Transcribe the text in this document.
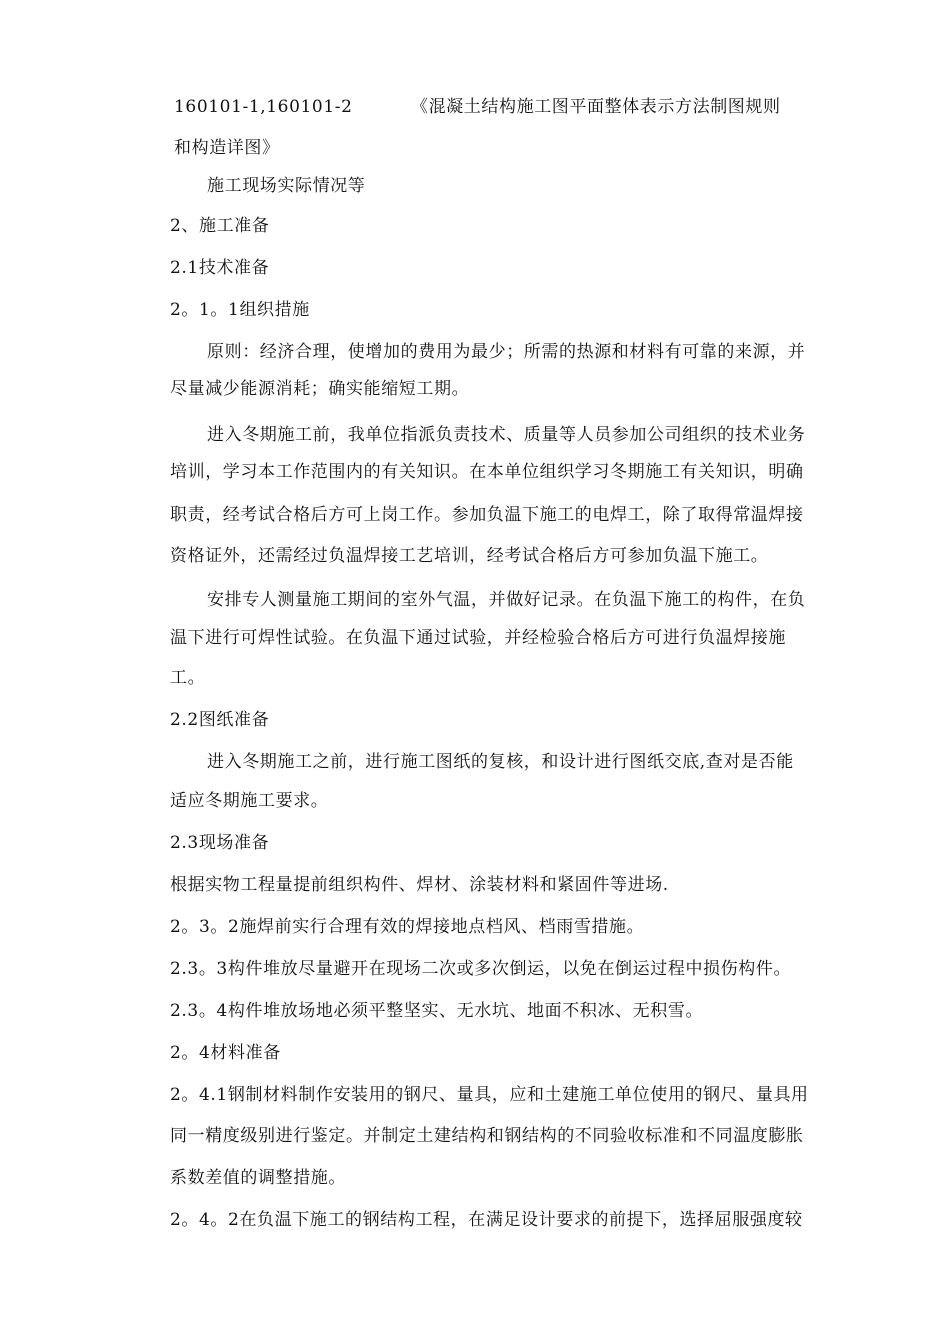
160101-1,160101-2	《混凝土结构施工图平面整体表示方法制图规则
和构造详图》
施工现场实际情况等
2、施工准备
2.1技术准备
2。1。1组织措施
原则：经济合理，使增加的费用为最少；所需的热源和材料有可靠的来源，并
尽量减少能源消耗；确实能缩短工期。
进入冬期施工前，我单位指派负责技术、质量等人员参加公司组织的技术业务
培训，学习本工作范围内的有关知识。在本单位组织学习冬期施工有关知识，明确
职责，经考试合格后方可上岗工作。参加负温下施工的电焊工，除了取得常温焊接
资格证外，还需经过负温焊接工艺培训，经考试合格后方可参加负温下施工。
安排专人测量施工期间的室外气温，并做好记录。在负温下施工的构件，在负
温下进行可焊性试验。在负温下通过试验，并经检验合格后方可进行负温焊接施
工。
2.2图纸准备
进入冬期施工之前，进行施工图纸的复核，和设计进行图纸交底,查对是否能
适应冬期施工要求。
2.3现场准备
根据实物工程量提前组织构件、焊材、涂装材料和紧固件等进场.
2。3。2施焊前实行合理有效的焊接地点档风、档雨雪措施。
2.3。3构件堆放尽量避开在现场二次或多次倒运，以免在倒运过程中损伤构件。
2.3。4构件堆放场地必须平整坚实、无水坑、地面不积冰、无积雪。
2。4材料准备
2。4.1钢制材料制作安装用的钢尺、量具，应和土建施工单位使用的钢尺、量具用
同一精度级别进行鉴定。并制定土建结构和钢结构的不同验收标准和不同温度膨胀
系数差值的调整措施。
2。4。2在负温下施工的钢结构工程，在满足设计要求的前提下，选择屈服强度较
